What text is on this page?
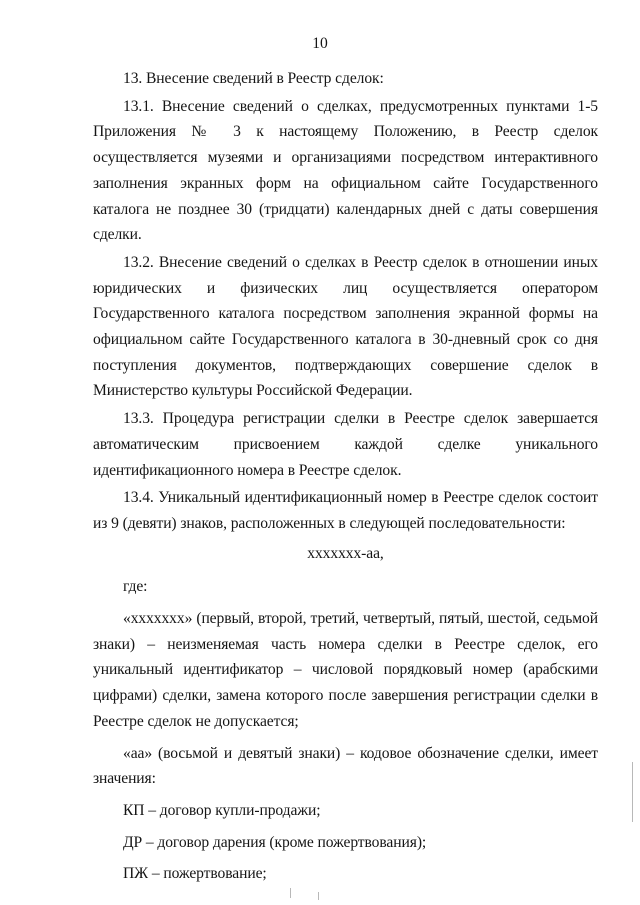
10

13. Внесение сведений в Реестр сделок:

13.1. Внесение сведений о сделках, предусмотренных пунктами 1-5 Приложения № 3 к настоящему Положению, в Реестр сделок осуществляется музеями и организациями посредством интерактивного заполнения экранных форм на официальном сайте Государственного каталога не позднее 30 (тридцати) календарных дней с даты совершения сделки.

13.2. Внесение сведений о сделках в Реестр сделок в отношении иных юридических и физических лиц осуществляется оператором Государственного каталога посредством заполнения экранной формы на официальном сайте Государственного каталога в 30-дневный срок со дня поступления документов, подтверждающих совершение сделок в Министерство культуры Российской Федерации.

13.3. Процедура регистрации сделки в Реестре сделок завершается автоматическим присвоением каждой сделке уникального идентификационного номера в Реестре сделок.

13.4. Уникальный идентификационный номер в Реестре сделок состоит из 9 (девяти) знаков, расположенных в следующей последовательности:

xxxxxxx-aa,

где:

«xxxxxxx» (первый, второй, третий, четвертый, пятый, шестой, седьмой знаки) – неизменяемая часть номера сделки в Реестре сделок, его уникальный идентификатор – числовой порядковый номер (арабскими цифрами) сделки, замена которого после завершения регистрации сделки в Реестре сделок не допускается;

«аа» (восьмой и девятый знаки) – кодовое обозначение сделки, имеет значения:

КП – договор купли-продажи;

ДР – договор дарения (кроме пожертвования);

ПЖ – пожертвование;
